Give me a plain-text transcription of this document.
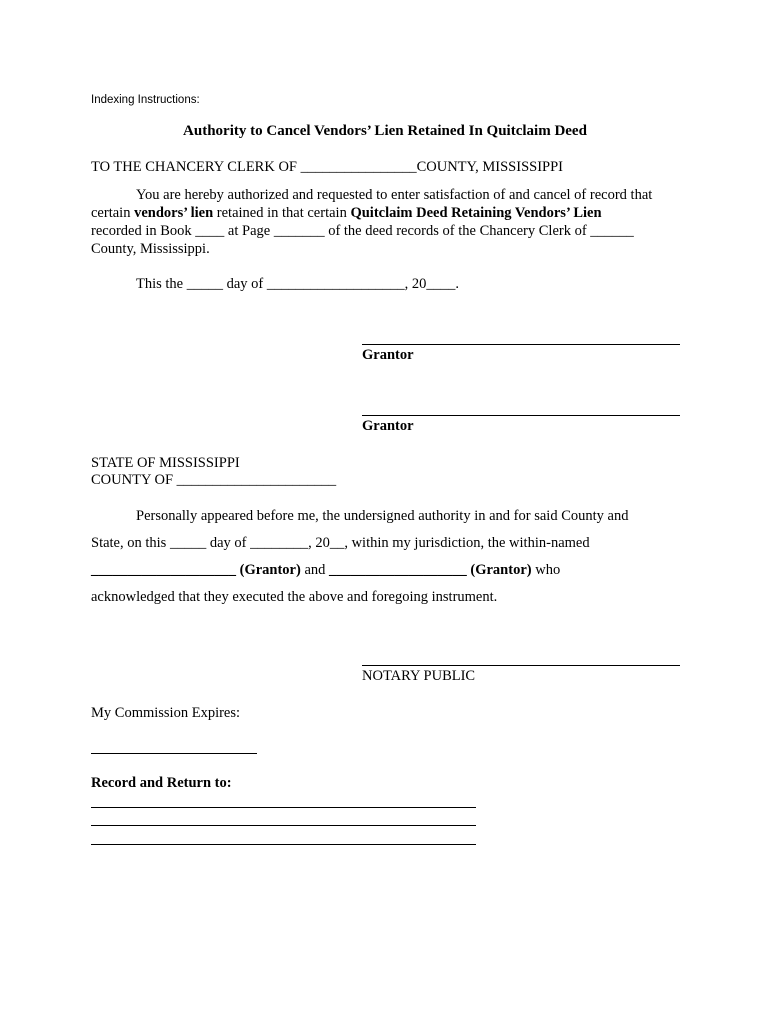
Indexing Instructions:
Authority to Cancel Vendors’ Lien Retained In Quitclaim Deed
TO THE CHANCERY CLERK OF ________________COUNTY, MISSISSIPPI
You are hereby authorized and requested to enter satisfaction of and cancel of record that
certain vendors’ lien retained in that certain Quitclaim Deed Retaining Vendors’ Lien
recorded in Book ____ at Page _______ of the deed records of the Chancery Clerk of ______
County, Mississippi.
This the _____ day of ___________________, 20____.
Grantor
Grantor
STATE OF MISSISSIPPI
COUNTY OF ______________________
Personally appeared before me, the undersigned authority in and for said County and
State, on this _____ day of ________, 20__, within my jurisdiction, the within-named
____________________ (Grantor) and ___________________ (Grantor) who
acknowledged that they executed the above and foregoing instrument.
NOTARY PUBLIC
My Commission Expires:
Record and Return to:
